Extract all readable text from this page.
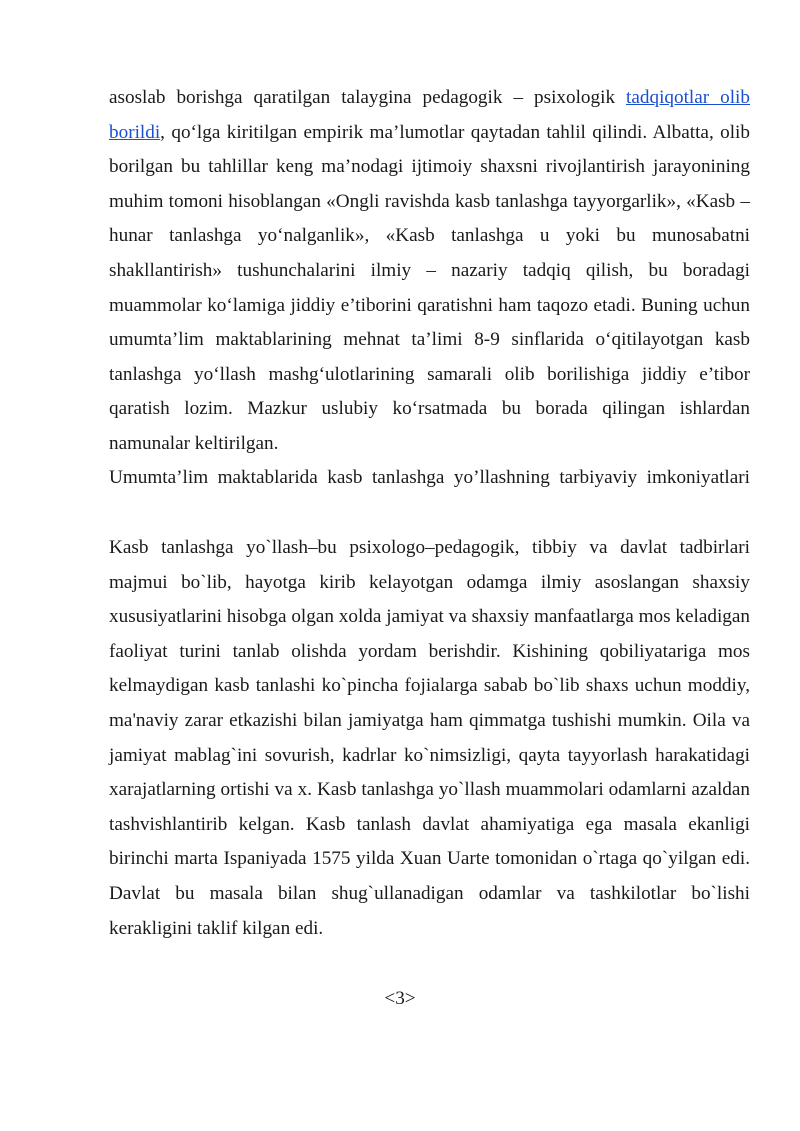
asoslab borishga qaratilgan talaygina pedagogik – psixologik tadqiqotlar olib borildi, qo‘lga kiritilgan empirik ma’lumotlar qaytadan tahlil qilindi. Albatta, olib borilgan bu tahlillar keng ma’nodagi ijtimoiy shaxsni rivojlantirish jarayonining muhim tomoni hisoblangan «Ongli ravishda kasb tanlashga tayyorgarlik», «Kasb – hunar tanlashga yo‘nalganlik», «Kasb tanlashga u yoki bu munosabatni shakllantirish» tushunchalarini ilmiy – nazariy tadqiq qilish, bu boradagi muammolar ko‘lamiga jiddiy e’tiborini qaratishni ham taqozo etadi. Buning uchun umumta’lim maktablarining mehnat ta’limi 8-9 sinflarida o‘qitilayotgan kasb tanlashga yo‘llash mashg‘ulotlarining samarali olib borilishiga jiddiy e’tibor qaratish lozim. Mazkur uslubiy ko‘rsatmada bu borada qilingan ishlardan namunalar keltirilgan.

Umumta’lim maktablarida kasb tanlashga yo’llashning tarbiyaviy imkoniyatlari

Kasb tanlashga yo`llash–bu psixologo–pedagogik, tibbiy va davlat tadbirlari majmui bo`lib, hayotga kirib kelayotgan odamga ilmiy asoslangan shaxsiy xususiyatlarini hisobga olgan xolda jamiyat va shaxsiy manfaatlarga mos keladigan faoliyat turini tanlab olishda yordam berishdir. Kishining qobiliyatariga mos kelmaydigan kasb tanlashi ko`pincha fojialarga sabab bo`lib shaxs uchun moddiy, ma'naviy zarar etkazishi bilan jamiyatga ham qimmatga tushishi mumkin. Oila va jamiyat mablag`ini sovurish, kadrlar ko`nimsizligi, qayta tayyorlash harakatidagi xarajatlarning ortishi va x. Kasb tanlashga yo`llash muammolari odamlarni azaldan tashvishlantirib kelgan. Kasb tanlash davlat ahamiyatiga ega masala ekanligi birinchi marta Ispaniyada 1575 yilda Xuan Uarte tomonidan o`rtaga qo`yilgan edi. Davlat bu masala bilan shug`ullanadigan odamlar va tashkilotlar bo`lishi kerakligini taklif kilgan edi.

<3>
